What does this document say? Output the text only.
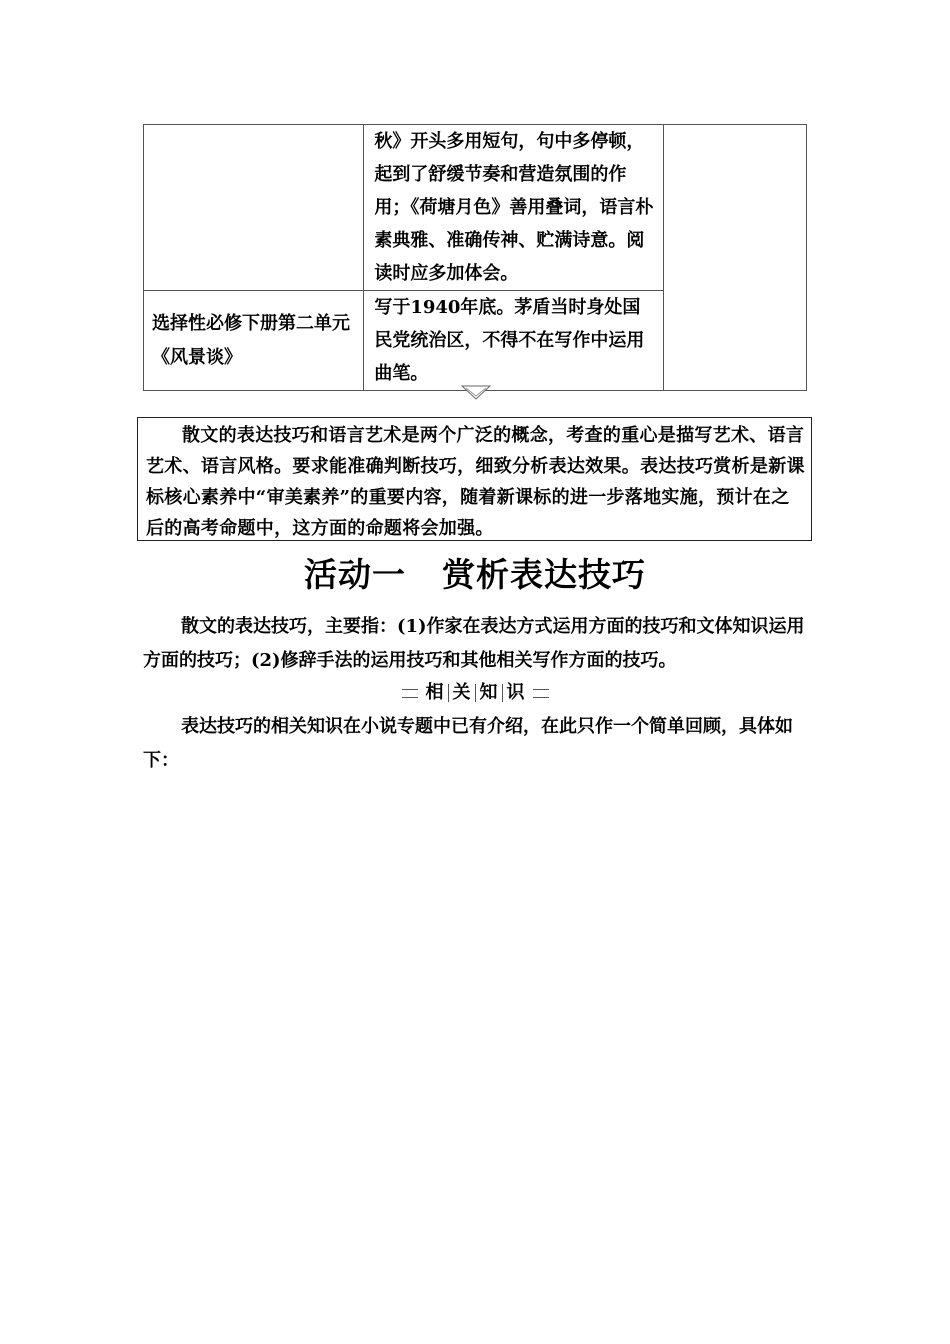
	秋》开头多用短句，句中多停顿，起到了舒缓节奏和营造氛围的作用；《荷塘月色》善用叠词，语言朴素典雅、准确传神、贮满诗意。阅读时应多加体会。	

选择性必修下册第二单元《风景谈》	写于1940年底。茅盾当时身处国民党统治区，不得不在写作中运用曲笔。	

散文的表达技巧和语言艺术是两个广泛的概念，考查的重心是描写艺术、语言艺术、语言风格。要求能准确判断技巧，细致分析表达效果。表达技巧赏析是新课标核心素养中“审美素养”的重要内容，随着新课标的进一步落地实施，预计在之后的高考命题中，这方面的命题将会加强。

活动一 赏析表达技巧

散文的表达技巧，主要指：(1)作家在表达方式运用方面的技巧和文体知识运用方面的技巧；(2)修辞手法的运用技巧和其他相关写作方面的技巧。

相 关 知 识

表达技巧的相关知识在小说专题中已有介绍，在此只作一个简单回顾，具体如下：
